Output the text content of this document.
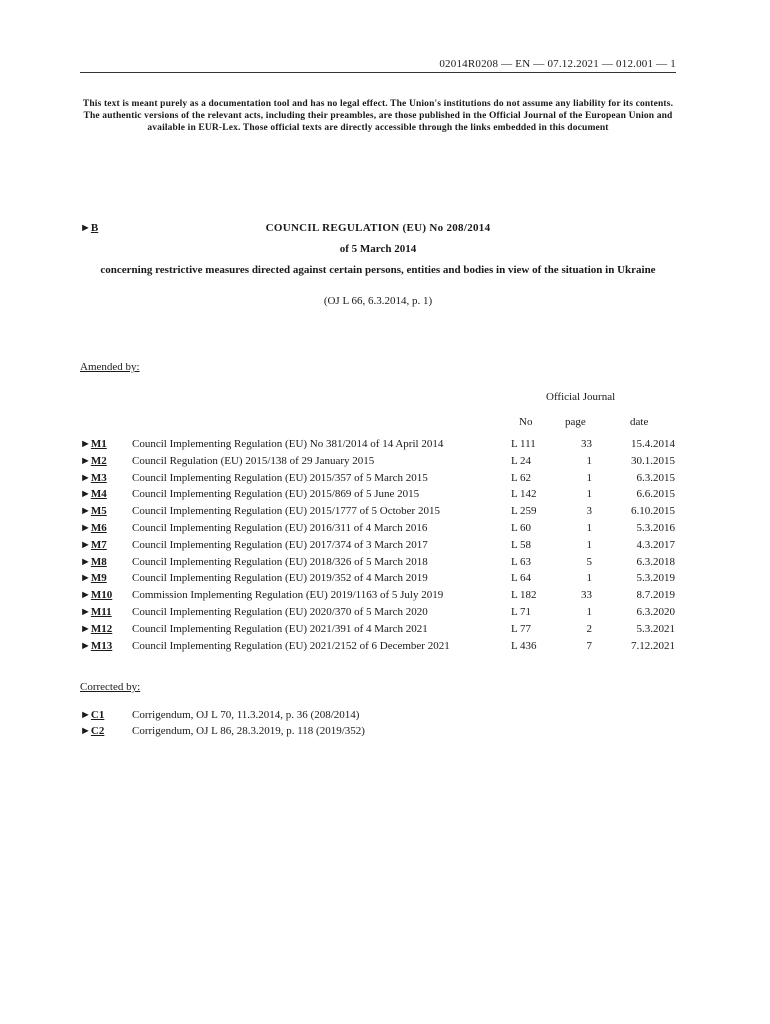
02014R0208 — EN — 07.12.2021 — 012.001 — 1
This text is meant purely as a documentation tool and has no legal effect. The Union's institutions do not assume any liability for its contents. The authentic versions of the relevant acts, including their preambles, are those published in the Official Journal of the European Union and available in EUR-Lex. Those official texts are directly accessible through the links embedded in this document
►B	COUNCIL REGULATION (EU) No 208/2014
of 5 March 2014
concerning restrictive measures directed against certain persons, entities and bodies in view of the situation in Ukraine
(OJ L 66, 6.3.2014, p. 1)
Amended by:
Official Journal
No	page	date
►M1 Council Implementing Regulation (EU) No 381/2014 of 14 April 2014	L 111	33	15.4.2014
►M2 Council Regulation (EU) 2015/138 of 29 January 2015	L 24	1	30.1.2015
►M3 Council Implementing Regulation (EU) 2015/357 of 5 March 2015	L 62	1	6.3.2015
►M4 Council Implementing Regulation (EU) 2015/869 of 5 June 2015	L 142	1	6.6.2015
►M5 Council Implementing Regulation (EU) 2015/1777 of 5 October 2015	L 259	3	6.10.2015
►M6 Council Implementing Regulation (EU) 2016/311 of 4 March 2016	L 60	1	5.3.2016
►M7 Council Implementing Regulation (EU) 2017/374 of 3 March 2017	L 58	1	4.3.2017
►M8 Council Implementing Regulation (EU) 2018/326 of 5 March 2018	L 63	5	6.3.2018
►M9 Council Implementing Regulation (EU) 2019/352 of 4 March 2019	L 64	1	5.3.2019
►M10 Commission Implementing Regulation (EU) 2019/1163 of 5 July 2019	L 182	33	8.7.2019
►M11 Council Implementing Regulation (EU) 2020/370 of 5 March 2020	L 71	1	6.3.2020
►M12 Council Implementing Regulation (EU) 2021/391 of 4 March 2021	L 77	2	5.3.2021
►M13 Council Implementing Regulation (EU) 2021/2152 of 6 December 2021	L 436	7	7.12.2021
Corrected by:
►C1	Corrigendum, OJ L 70, 11.3.2014, p. 36 (208/2014)
►C2	Corrigendum, OJ L 86, 28.3.2019, p. 118 (2019/352)
